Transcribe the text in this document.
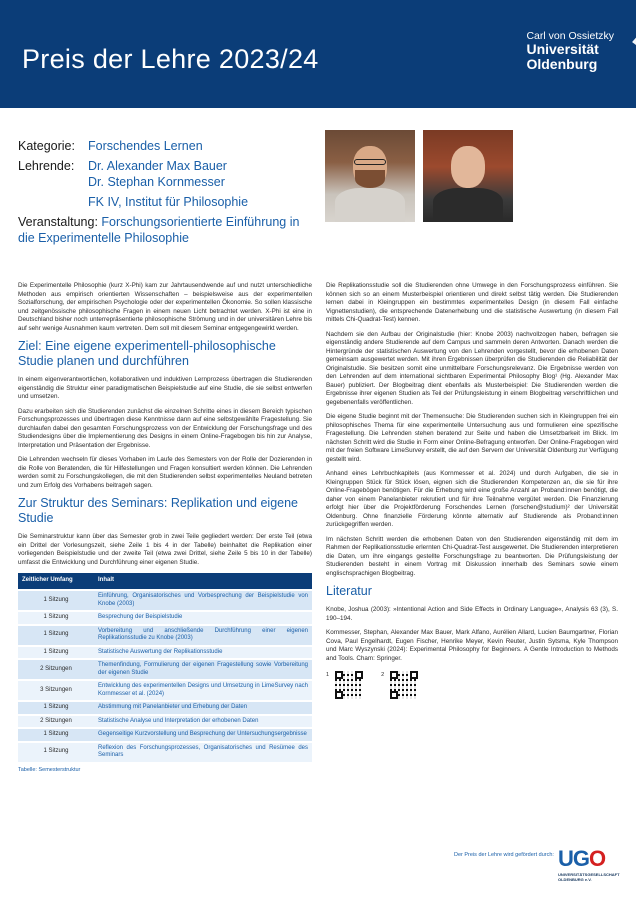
Preis der Lehre 2023/24
Carl von Ossietzky
Universität
Oldenburg
Kategorie:	Forschendes Lernen
Lehrende:	Dr. Alexander Max Bauer
Dr. Stephan Kornmesser
FK IV, Institut für Philosophie
Veranstaltung: Forschungsorientierte Einführung in die Experimentelle Philosophie

Die Experimentelle Philosophie (kurz X-Phi) kam zur Jahrtausendwende auf und nutzt unterschiedliche Methoden aus empirisch orientierten Wissenschaften – beispielsweise aus der experimentellen Sozialforschung, der empirischen Psychologie oder der experimentellen Ökonomie. So sollen klassische und zeitgenössische philosophische Fragen in einem neuen Licht betrachtet werden. X-Phi ist eine in Deutschland bisher noch unterrepräsentierte philosophische Strömung und in der universitären Lehre bis auf sehr wenige Ausnahmen kaum vertreten. Dem soll mit diesem Seminar entgegengewirkt werden.

Ziel: Eine eigene experimentell-philosophische Studie planen und durchführen

In einem eigenverantwortlichen, kollaborativen und induktiven Lernprozess übertragen die Studierenden eigenständig die Struktur einer paradigmatischen Beispielstudie auf eine Studie, die sie selbst entwerfen und umsetzen.

Dazu erarbeiten sich die Studierenden zunächst die einzelnen Schritte eines in diesem Bereich typischen Forschungsprozesses und übertragen diese Kenntnisse dann auf eine selbstgewählte Fragestellung. Sie durchlaufen dabei den gesamten Forschungsprozess von der Entwicklung der Forschungsfrage und des Studiendesigns über die Implementierung des Designs in einem Online-Fragebogen bis hin zur Analyse, Interpretation und Präsentation der Ergebnisse.

Die Lehrenden wechseln für dieses Vorhaben im Laufe des Semesters von der Rolle der Dozierenden in die Rolle von Beratenden, die für Hilfestellungen und Fragen konsultiert werden können. Die Lehrenden werden somit zu Forschungskollegen, die mit den Studierenden selbst experimentelles Neuland betreten und zum Erfolg des Vorhabens beitrageh sagen.

Zur Struktur des Seminars: Replikation und eigene Studie

Die Seminarstruktur kann über das Semester grob in zwei Teile gegliedert werden: Der erste Teil (etwa ein Drittel der Vorlesungszeit, siehe Zeile 1 bis 4 in der Tabelle) beinhaltet die Replikation einer vorliegenden Beispielstudie und der zweite Teil (etwa zwei Drittel, siehe Zeile 5 bis 10 in der Tabelle) umfasst die Entwicklung und Durchführung einer eigenen Studie.

Zeitlicher Umfang	Inhalt
1 Sitzung	Einführung, Organisatorisches und Vorbesprechung der Beispielstudie von Knobe (2003)
1 Sitzung	Besprechung der Beispielstudie
1 Sitzung	Vorbereitung und anschließende Durchführung einer eigenen Replikationsstudie zu Knobe (2003)
1 Sitzung	Statistische Auswertung der Replikationsstudie
2 Sitzungen	Themenfindung, Formulierung der eigenen Fragestellung sowie Vorbereitung der eigenen Studie
3 Sitzungen	Entwicklung des experimentellen Designs und Umsetzung in LimeSurvey nach Kornmesser et al. (2024)
1 Sitzung	Abstimmung mit Panelanbieter und Erhebung der Daten
2 Sitzungen	Statistische Analyse und Interpretation der erhobenen Daten
1 Sitzung	Gegenseitige Kurzvorstellung und Besprechung der Untersuchungsergebnisse
1 Sitzung	Reflexion des Forschungsprozesses, Organisatorisches und Resümee des Seminars
Tabelle: Semesterstruktur

Die Replikationsstudie soll die Studierenden ohne Umwege in den Forschungsprozess einführen. Sie können sich so an einem Musterbeispiel orientieren und direkt selbst tätig werden. Die Studierenden lernen dabei in Kleingruppen ein bestimmtes experimentelles Design (in diesem Fall einfache Vignettenstudien), die entsprechende Datenerhebung und die statistische Auswertung (in diesem Fall mittels Chi-Quadrat-Test) kennen.

Nachdem sie den Aufbau der Originalstudie (hier: Knobe 2003) nachvollzogen haben, befragen sie eigenständig andere Studierende auf dem Campus und sammeln deren Antworten. Danach werden die Hintergründe der statistischen Auswertung von den Lehrenden vorgestellt, bevor die erhobenen Daten gemeinsam ausgewertet werden. Mit ihren Ergebnissen überprüfen die Studierenden die Reliabilität der Originalstudie. Sie besitzen somit eine unmittelbare Forschungsrelevanz. Die Ergebnisse werden von den Lehrenden auf dem international sichtbaren Experimental Philosophy Blog¹ (Hg. Alexander Max Bauer) publiziert. Der Blogbeitrag dient ebenfalls als Musterbeispiel: Die Studierenden werden die Ergebnisse ihrer eigenen Studien als Teil der Prüfungsleistung in einem Blogbeitrag verschriftlichen und gegebenenfalls veröffentlichen.

Die eigene Studie beginnt mit der Themensuche: Die Studierenden suchen sich in Kleingruppen frei ein philosophisches Thema für eine experimentelle Untersuchung aus und formulieren eine spezifische Fragestellung. Die Lehrenden stehen beratend zur Seite und haben die Umsetzbarkeit im Blick. Im nächsten Schritt wird die Studie in Form einer Online-Befragung entworfen. Der Online-Fragebogen wird mit der freien Software LimeSurvey erstellt, die auf den Servern der Universität Oldenburg zur Verfügung gestellt wird.

Anhand eines Lehrbuchkapitels (aus Kornmesser et al. 2024) und durch Aufgaben, die sie in Kleingruppen Stück für Stück lösen, eignen sich die Studierenden Kompetenzen an, die sie für ihre Online-Fragebögen benötigen. Für die Erhebung wird eine große Anzahl an Proband:innen benötigt, die daher von einem Panelanbieter rekrutiert und für ihre Teilnahme vergütet werden. Die Finanzierung erfolgt hier über die Projektförderung Forschendes Lernen (forschen@studium)² der Universität Oldenburg. Ohne finanzielle Förderung könnte alternativ auf Studierende als Proband:innen zurückgegriffen werden.

Im nächsten Schritt werden die erhobenen Daten von den Studierenden eigenständig mit dem im Rahmen der Replikationsstudie erlernten Chi-Quadrat-Test ausgewertet. Die Studierenden interpretieren die Daten, um ihre eingangs gestellte Forschungsfrage zu beantworten. Die Prüfungsleistung der Studierenden besteht in einem Vortrag mit Diskussion innerhalb des Seminars sowie einem englischsprachigen Blogbeitrag.

Literatur

Knobe, Joshua (2003): »Intentional Action and Side Effects in Ordinary Language«, Analysis 63 (3), S. 190–194.

Kornmesser, Stephan, Alexander Max Bauer, Mark Alfano, Aurélien Allard, Lucien Baumgartner, Florian Cova, Paul Engelhardt, Eugen Fischer, Henrike Meyer, Kevin Reuter, Justin Sytsma, Kyle Thompson und Marc Wyszynski (2024): Experimental Philosophy for Beginners. A Gentle Introduction to Methods and Tools. Cham: Springer.

1	2
Der Preis der Lehre wird gefördert durch: UGO
UNIVERSITÄTSGESELLSCHAFT
OLDENBURG e.V.
